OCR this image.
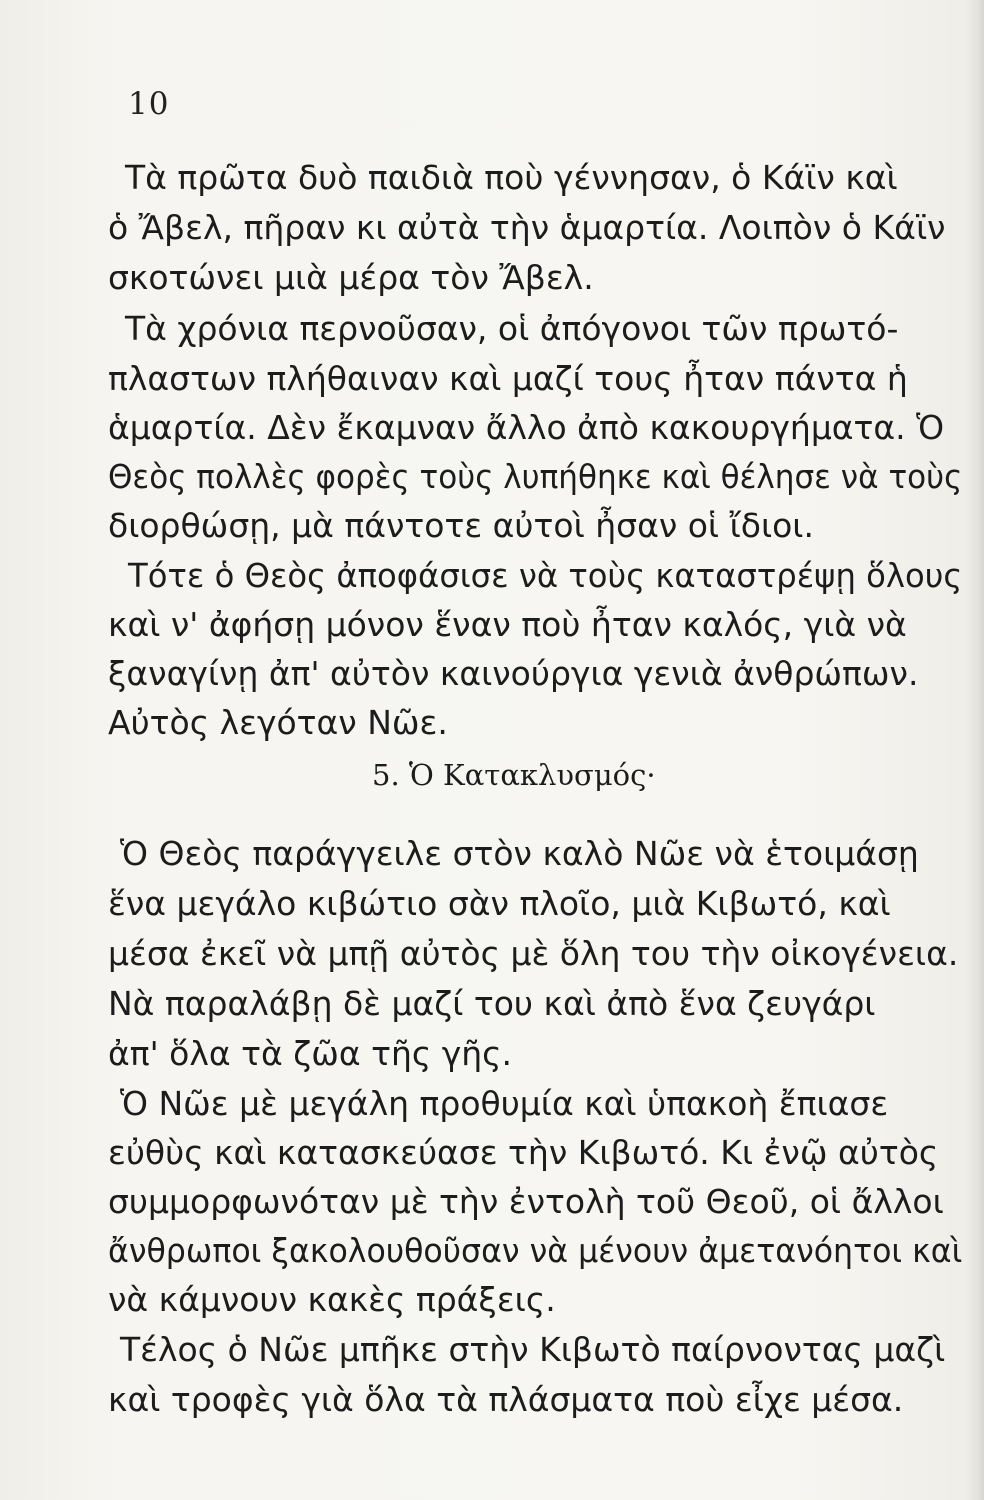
10
Τὰ πρῶτα δυὸ παιδιὰ ποὺ γέννησαν, ὁ Κάϊν καὶ
ὁ Ἄβελ, πῆραν κι αὐτὰ τὴν ἁμαρτία. Λοιπὸν ὁ Κάϊν
σκοτώνει μιὰ μέρα τὸν Ἄβελ.
Τὰ χρόνια περνοῦσαν, οἱ ἀπόγονοι τῶν πρωτό-
πλαστων πλήθαιναν καὶ μαζί τους ἦταν πάντα ἡ
ἁμαρτία. Δὲν ἔκαμναν ἄλλο ἀπὸ κακουργήματα. Ὁ
Θεὸς πολλὲς φορὲς τοὺς λυπήθηκε καὶ θέλησε νὰ τοὺς
διορθώσῃ, μὰ πάντοτε αὐτοὶ ἦσαν οἱ ἴδιοι.
Τότε ὁ Θεὸς ἀποφάσισε νὰ τοὺς καταστρέψῃ ὅλους
καὶ ν' ἀφήσῃ μόνον ἕναν ποὺ ἦταν καλός, γιὰ νὰ
ξαναγίνῃ ἀπ' αὐτὸν καινούργια γενιὰ ἀνθρώπων.
Αὐτὸς λεγόταν Νῶε.
5. Ὁ Κατακλυσμός·
Ὁ Θεὸς παράγγειλε στὸν καλὸ Νῶε νὰ ἑτοιμάσῃ
ἕνα μεγάλο κιβώτιο σὰν πλοῖο, μιὰ Κιβωτό, καὶ
μέσα ἐκεῖ νὰ μπῇ αὐτὸς μὲ ὅλη του τὴν οἰκογένεια.
Νὰ παραλάβῃ δὲ μαζί του καὶ ἀπὸ ἕνα ζευγάρι
ἀπ' ὅλα τὰ ζῶα τῆς γῆς.
Ὁ Νῶε μὲ μεγάλη προθυμία καὶ ὑπακοὴ ἔπιασε
εὐθὺς καὶ κατασκεύασε τὴν Κιβωτό. Κι ἐνῷ αὐτὸς
συμμορφωνόταν μὲ τὴν ἐντολὴ τοῦ Θεοῦ, οἱ ἄλλοι
ἄνθρωποι ξακολουθοῦσαν νὰ μένουν ἀμετανόητοι καὶ
νὰ κάμνουν κακὲς πράξεις.
Τέλος ὁ Νῶε μπῆκε στὴν Κιβωτὸ παίρνοντας μαζὶ
καὶ τροφὲς γιὰ ὅλα τὰ πλάσματα ποὺ εἶχε μέσα.
